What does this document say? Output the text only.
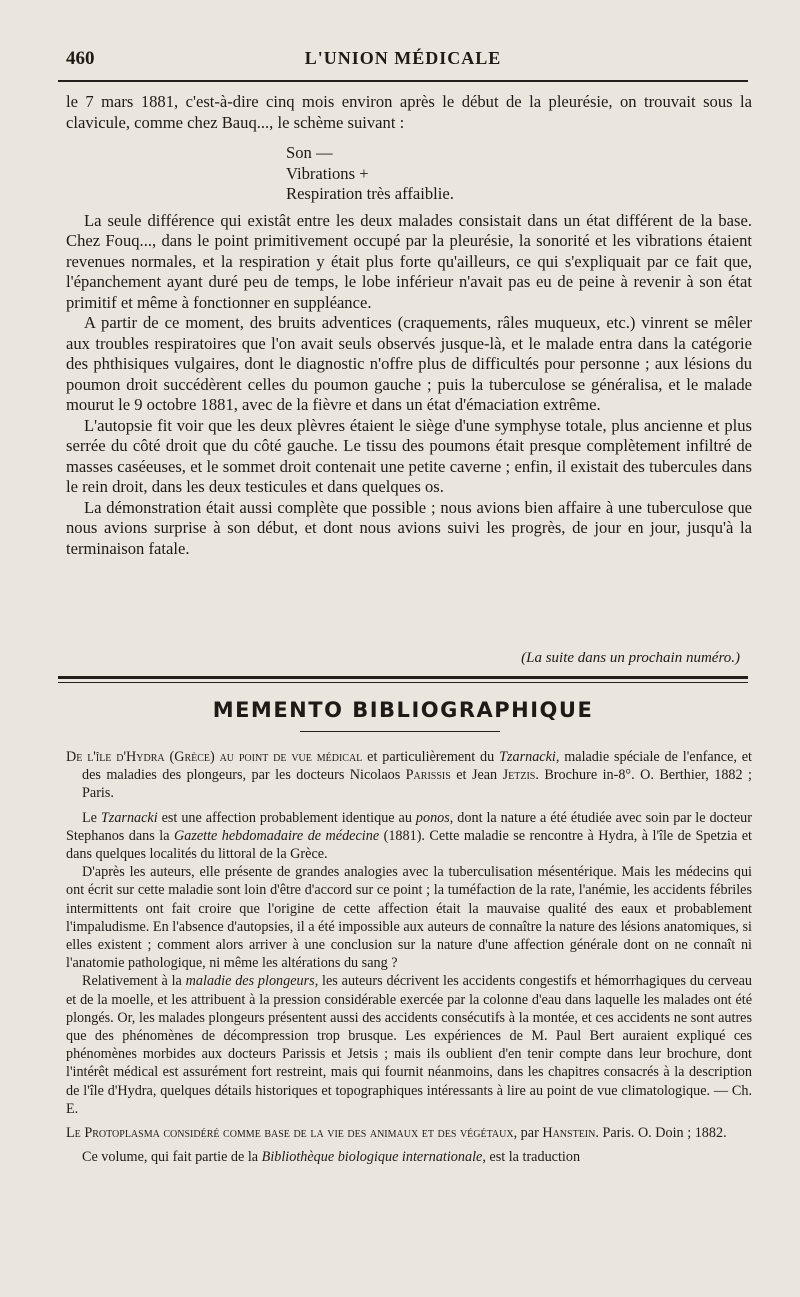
460	L'UNION MÉDICALE

le 7 mars 1881, c'est-à-dire cinq mois environ après le début de la pleurésie, on trouvait sous la clavicule, comme chez Bauq..., le schème suivant :

Son —
Vibrations +
Respiration très affaiblie.

La seule différence qui existât entre les deux malades consistait dans un état différent de la base. Chez Fouq..., dans le point primitivement occupé par la pleurésie, la sonorité et les vibrations étaient revenues normales, et la respiration y était plus forte qu'ailleurs, ce qui s'expliquait par ce fait que, l'épanchement ayant duré peu de temps, le lobe inférieur n'avait pas eu de peine à revenir à son état primitif et même à fonctionner en suppléance.

A partir de ce moment, des bruits adventices (craquements, râles muqueux, etc.) vinrent se mêler aux troubles respiratoires que l'on avait seuls observés jusque-là, et le malade entra dans la catégorie des phthisiques vulgaires, dont le diagnostic n'offre plus de difficultés pour personne ; aux lésions du poumon droit succédèrent celles du poumon gauche ; puis la tuberculose se généralisa, et le malade mourut le 9 octobre 1881, avec de la fièvre et dans un état d'émaciation extrême.

L'autopsie fit voir que les deux plèvres étaient le siège d'une symphyse totale, plus ancienne et plus serrée du côté droit que du côté gauche. Le tissu des poumons était presque complètement infiltré de masses caséeuses, et le sommet droit contenait une petite caverne ; enfin, il existait des tubercules dans le rein droit, dans les deux testicules et dans quelques os.

La démonstration était aussi complète que possible ; nous avions bien affaire à une tuberculose que nous avions surprise à son début, et dont nous avions suivi les progrès, de jour en jour, jusqu'à la terminaison fatale.

(La suite dans un prochain numéro.)
MEMENTO BIBLIOGRAPHIQUE

De l'île d'Hydra (Grèce) au point de vue médical et particulièrement du Tzarnacki, maladie spéciale de l'enfance, et des maladies des plongeurs, par les docteurs Nicolaos Parissis et Jean Jetzis. Brochure in-8°. O. Berthier, 1882 ; Paris.

Le Tzarnacki est une affection probablement identique au ponos, dont la nature a été étudiée avec soin par le docteur Stephanos dans la Gazette hebdomadaire de médecine (1881). Cette maladie se rencontre à Hydra, à l'île de Spetzia et dans quelques localités du littoral de la Grèce.

D'après les auteurs, elle présente de grandes analogies avec la tuberculisation mésentérique. Mais les médecins qui ont écrit sur cette maladie sont loin d'être d'accord sur ce point ; la tuméfaction de la rate, l'anémie, les accidents fébriles intermittents ont fait croire que l'origine de cette affection était la mauvaise qualité des eaux et probablement l'impaludisme. En l'absence d'autopsies, il a été impossible aux auteurs de connaître la nature des lésions anatomiques, si elles existent ; comment alors arriver à une conclusion sur la nature d'une affection générale dont on ne connaît ni l'anatomie pathologique, ni même les altérations du sang ?

Relativement à la maladie des plongeurs, les auteurs décrivent les accidents congestifs et hémorrhagiques du cerveau et de la moelle, et les attribuent à la pression considérable exercée par la colonne d'eau dans laquelle les malades ont été plongés. Or, les malades plongeurs présentent aussi des accidents consécutifs à la montée, et ces accidents ne sont autres que des phénomènes de décompression trop brusque. Les expériences de M. Paul Bert auraient expliqué ces phénomènes morbides aux docteurs Parissis et Jetsis ; mais ils oublient d'en tenir compte dans leur brochure, dont l'intérêt médical est assurément fort restreint, mais qui fournit néanmoins, dans les chapitres consacrés à la description de l'île d'Hydra, quelques détails historiques et topographiques intéressants à lire au point de vue climatologique. — Ch. E.

Le Protoplasma considéré comme base de la vie des animaux et des végétaux, par Hanstein. Paris. O. Doin ; 1882.

Ce volume, qui fait partie de la Bibliothèque biologique internationale, est la traduction
